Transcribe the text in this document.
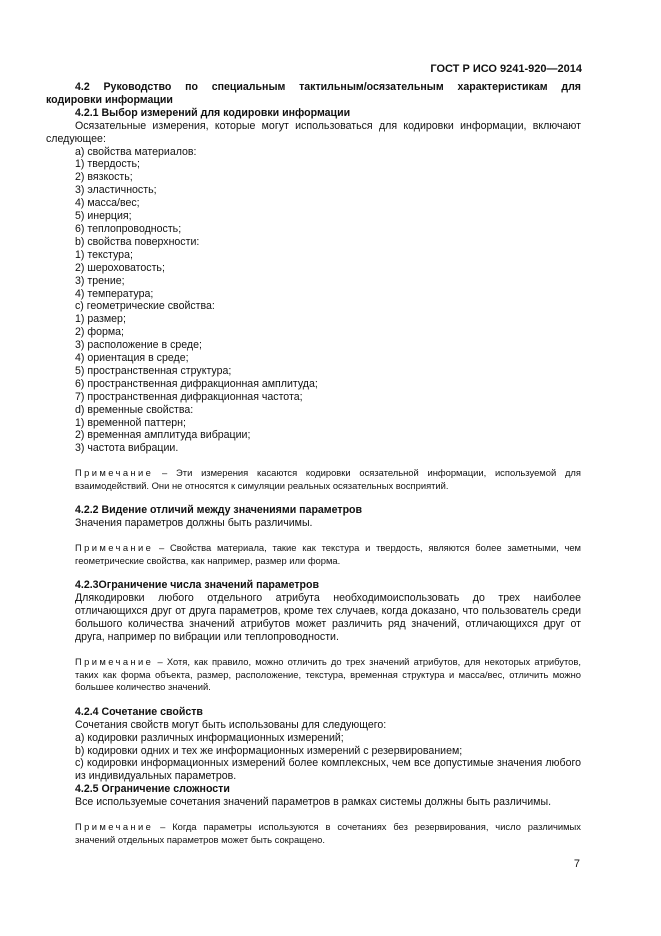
ГОСТ Р ИСО 9241-920—2014

4.2 Руководство по специальным тактильным/осязательным характеристикам для

кодировки информации

4.2.1 Выбор измерений для кодировки информации

Осязательные измерения, которые могут использоваться для кодировки информации, включают

следующее:

а) свойства материалов:

1) твердость;

2) вязкость;

3) эластичность;

4) масса/вес;

5) инерция;

6) теплопроводность;

b) свойства поверхности:

1) текстура;

2) шероховатость;

3) трение;

4) температура;

с) геометрические свойства:

1) размер;

2) форма;

3) расположение в среде;

4) ориентация в среде;

5) пространственная структура;

6) пространственная дифракционная амплитуда;

7) пространственная дифракционная частота;

d) временные свойства:

1) временной паттерн;

2) временная амплитуда вибрации;

3) частота вибрации.

Примечание – Эти измерения касаются кодировки осязательной информации, используемой для взаимодействий. Они не относятся к симуляции реальных осязательных восприятий.

4.2.2 Видение отличий между значениями параметров

Значения параметров должны быть различимы.

Примечание – Свойства материала, такие как текстура и твердость, являются более заметными, чем геометрические свойства, как например, размер или форма.

4.2.3Ограничение числа значений параметров

Длякодировки любого отдельного атрибута необходимоиспользовать до трех наиболее отличающихся друг от друга параметров, кроме тех случаев, когда доказано, что пользователь среди большого количества значений атрибутов может различить ряд значений, отличающихся друг от друга, например по вибрации или теплопроводности.

Примечание – Хотя, как правило, можно отличить до трех значений атрибутов, для некоторых атрибутов, таких как форма объекта, размер, расположение, текстура, временная структура и масса/вес, отличить можно большее количество значений.

4.2.4 Сочетание свойств

Сочетания свойств могут быть использованы для следующего:

а) кодировки различных информационных измерений;

b) кодировки одних и тех же информационных измерений с резервированием;

с) кодировки информационных измерений более комплексных, чем все допустимые значения любого из индивидуальных параметров.

4.2.5 Ограничение сложности

Все используемые сочетания значений параметров в рамках системы должны быть различимы.

Примечание – Когда параметры используются в сочетаниях без резервирования, число различимых значений отдельных параметров может быть сокращено.

7
